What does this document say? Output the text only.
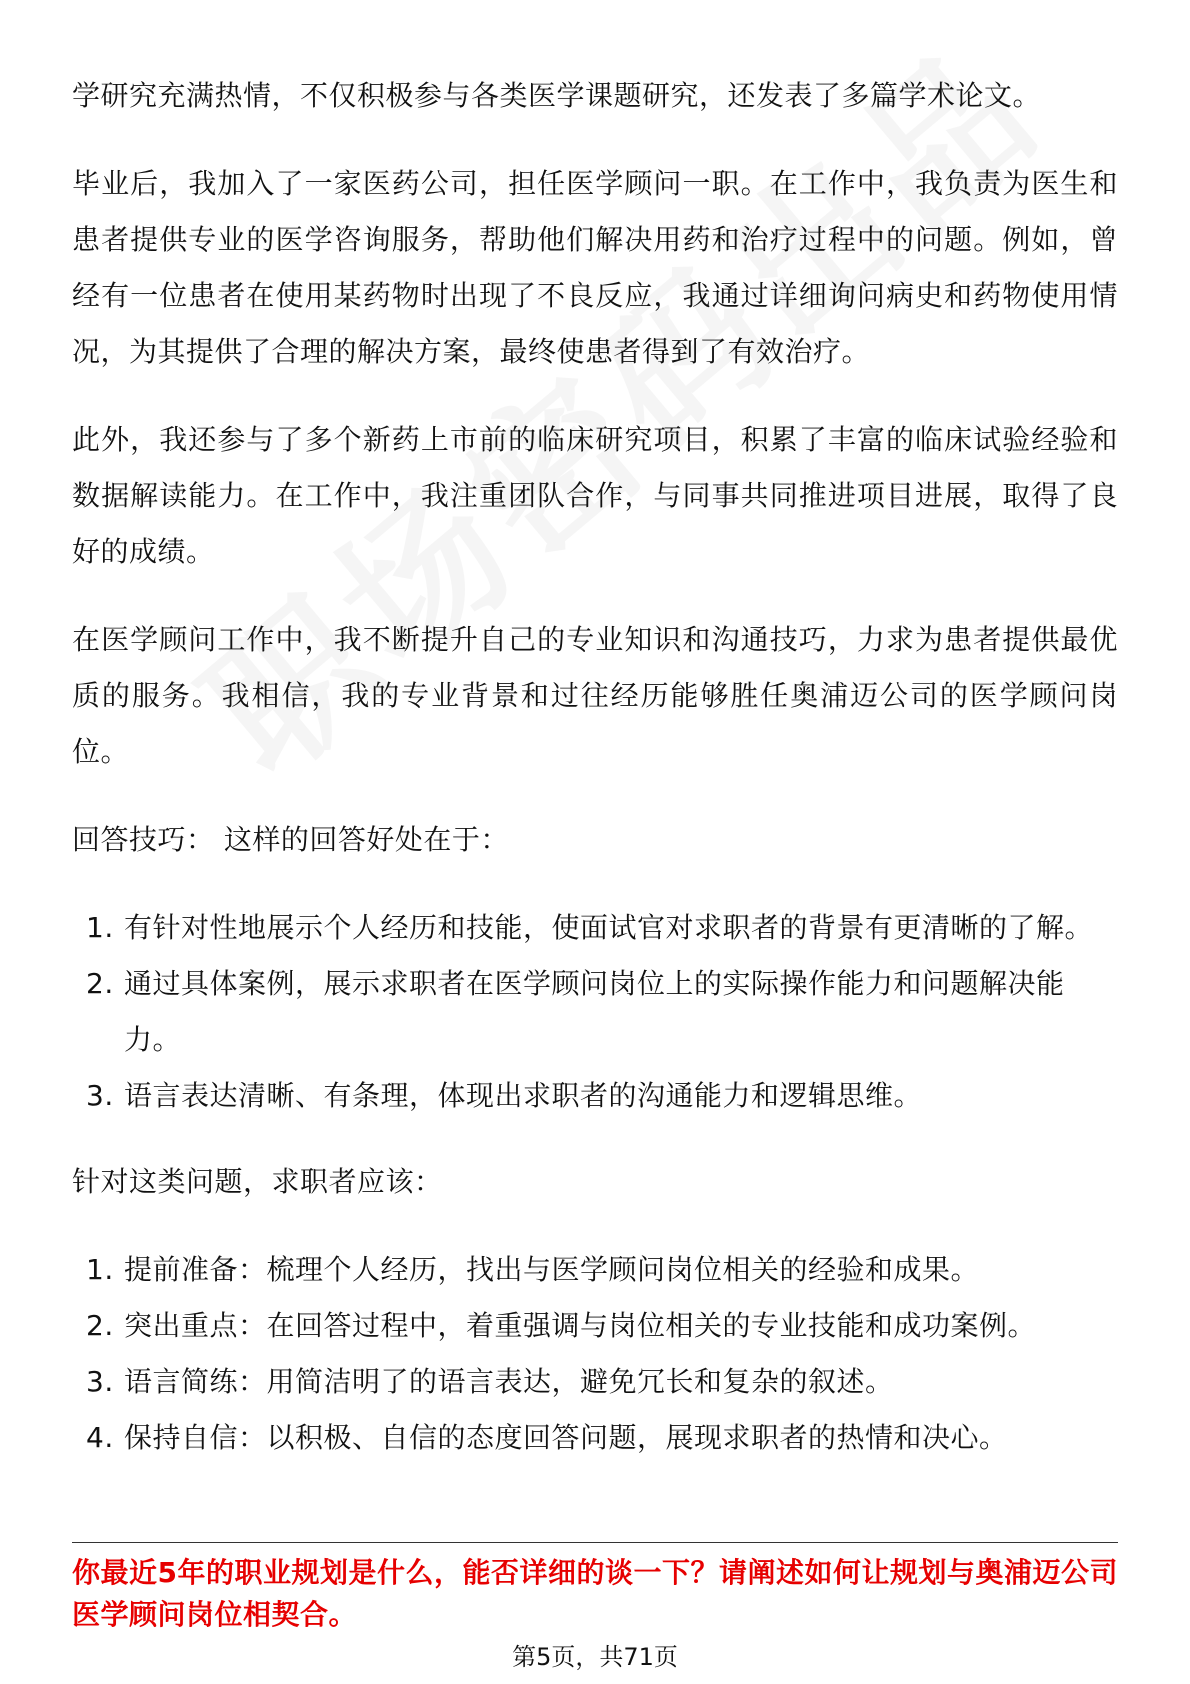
学研究充满热情，不仅积极参与各类医学课题研究，还发表了多篇学术论文。

毕业后，我加入了一家医药公司，担任医学顾问一职。在工作中，我负责为医生和患者提供专业的医学咨询服务，帮助他们解决用药和治疗过程中的问题。例如，曾经有一位患者在使用某药物时出现了不良反应，我通过详细询问病史和药物使用情况，为其提供了合理的解决方案，最终使患者得到了有效治疗。

此外，我还参与了多个新药上市前的临床研究项目，积累了丰富的临床试验经验和数据解读能力。在工作中，我注重团队合作，与同事共同推进项目进展，取得了良好的成绩。

在医学顾问工作中，我不断提升自己的专业知识和沟通技巧，力求为患者提供最优质的服务。我相信，我的专业背景和过往经历能够胜任奥浦迈公司的医学顾问岗位。

回答技巧： 这样的回答好处在于：

1. 有针对性地展示个人经历和技能，使面试官对求职者的背景有更清晰的了解。
2. 通过具体案例，展示求职者在医学顾问岗位上的实际操作能力和问题解决能力。
3. 语言表达清晰、有条理，体现出求职者的沟通能力和逻辑思维。

针对这类问题，求职者应该：

1. 提前准备：梳理个人经历，找出与医学顾问岗位相关的经验和成果。
2. 突出重点：在回答过程中，着重强调与岗位相关的专业技能和成功案例。
3. 语言简练：用简洁明了的语言表达，避免冗长和复杂的叙述。
4. 保持自信：以积极、自信的态度回答问题，展现求职者的热情和决心。

你最近5年的职业规划是什么，能否详细的谈一下？请阐述如何让规划与奥浦迈公司医学顾问岗位相契合。

第5页，共71页
